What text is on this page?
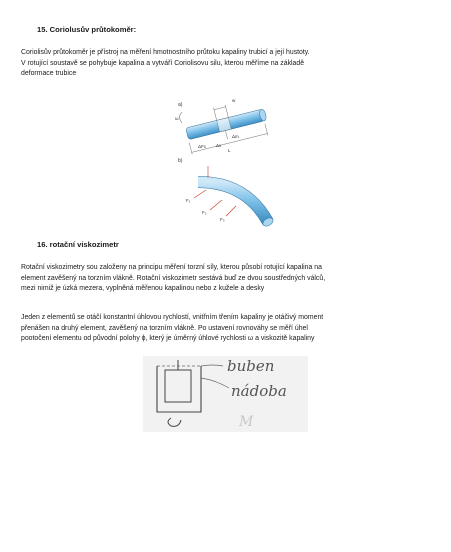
15. Coriolusův průtokoměr:
Coriolisův průtokoměr je přístroj na měření hmotnostního průtoku kapaliny trubicí a její hustoty.
V rotující soustavě se pohybuje kapalina a vytváří Coriolisovu silu, kterou měříme na základě
deformace trubice
a)
ω
w
Δm
ΔFc Δx
L
b)
F₁
F₂
F₃
16. rotační viskozimetr
Rotační viskozimetry sou založeny na principu měření torzní síly, kterou působí rotující kapalina na
element zavěšený na torzním vlákně. Rotační viskozimetr sestává buď ze dvou soustředných válců,
mezi nimiž je úzká mezera, vyplněná měřenou kapalinou nebo z kužele a desky
Jeden z elementů se otáčí konstantní úhlovou rychlostí, vnitřním třením kapaliny je otáčivý moment
přenášen na druhý element, zavěšený na torzním vlákně. Po ustavení rovnováhy se měří úhel
pootočení elementu od původní polohy ϕ, který je úměrný úhlové rychlosti ω a viskozitě kapaliny
buben
nádoba
M
